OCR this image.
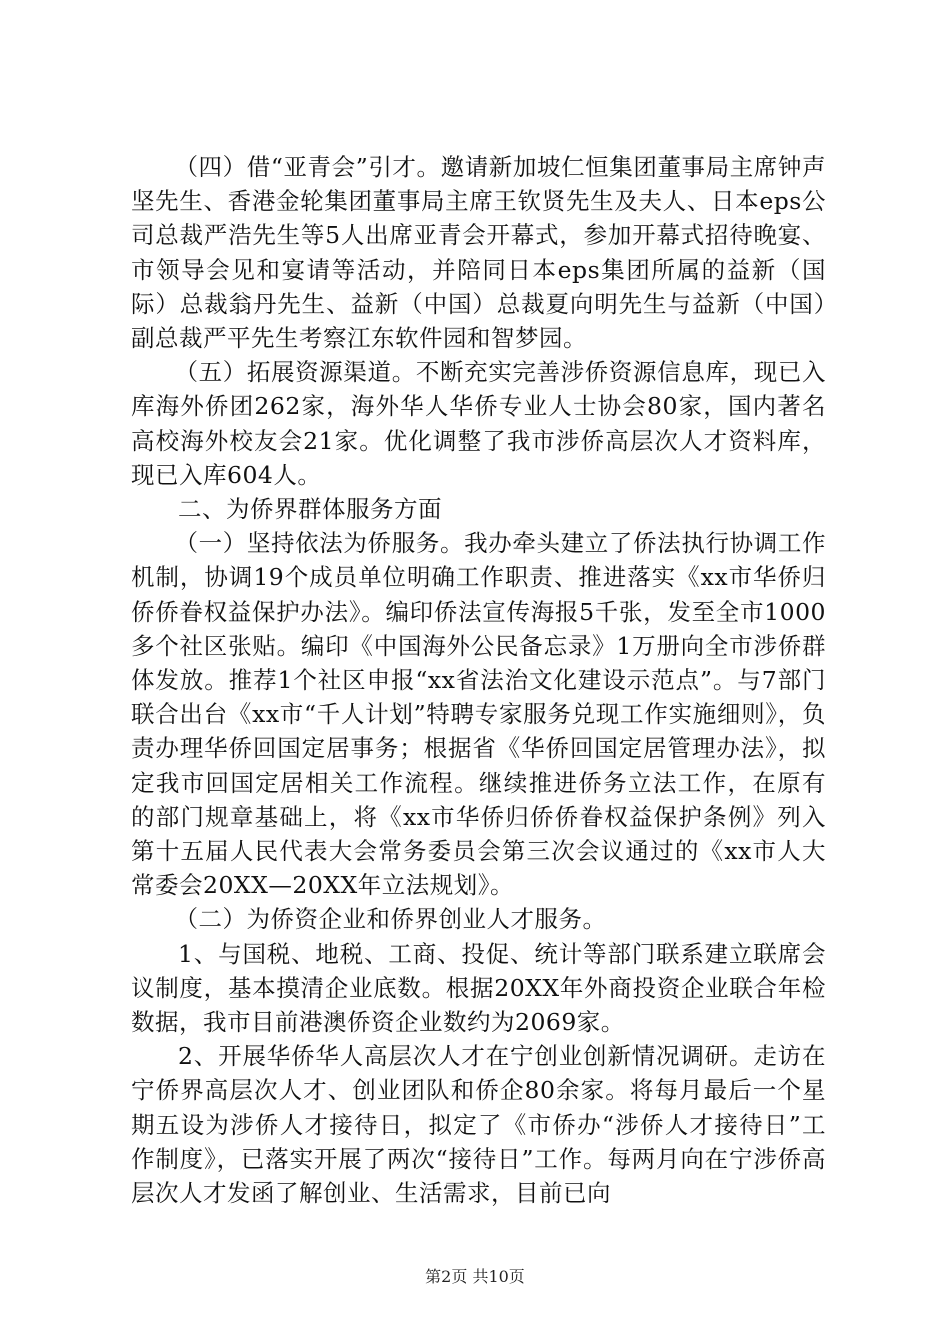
（四）借“亚青会”引才。邀请新加坡仁恒集团董事局主席钟声坚先生、香港金轮集团董事局主席王钦贤先生及夫人、日本eps公司总裁严浩先生等5人出席亚青会开幕式，参加开幕式招待晚宴、市领导会见和宴请等活动，并陪同日本eps集团所属的益新（国际）总裁翁丹先生、益新（中国）总裁夏向明先生与益新（中国）副总裁严平先生考察江东软件园和智梦园。

（五）拓展资源渠道。不断充实完善涉侨资源信息库，现已入库海外侨团262家，海外华人华侨专业人士协会80家，国内著名高校海外校友会21家。优化调整了我市涉侨高层次人才资料库，现已入库604人。

二、为侨界群体服务方面

（一）坚持依法为侨服务。我办牵头建立了侨法执行协调工作机制，协调19个成员单位明确工作职责、推进落实《xx市华侨归侨侨眷权益保护办法》。编印侨法宣传海报5千张，发至全市1000多个社区张贴。编印《中国海外公民备忘录》1万册向全市涉侨群体发放。推荐1个社区申报“xx省法治文化建设示范点”。与7部门联合出台《xx市“千人计划”特聘专家服务兑现工作实施细则》，负责办理华侨回国定居事务；根据省《华侨回国定居管理办法》，拟定我市回国定居相关工作流程。继续推进侨务立法工作，在原有的部门规章基础上，将《xx市华侨归侨侨眷权益保护条例》列入第十五届人民代表大会常务委员会第三次会议通过的《xx市人大常委会20XX—20XX年立法规划》。

（二）为侨资企业和侨界创业人才服务。

1、与国税、地税、工商、投促、统计等部门联系建立联席会议制度，基本摸清企业底数。根据20XX年外商投资企业联合年检数据，我市目前港澳侨资企业数约为2069家。

2、开展华侨华人高层次人才在宁创业创新情况调研。走访在宁侨界高层次人才、创业团队和侨企80余家。将每月最后一个星期五设为涉侨人才接待日，拟定了《市侨办“涉侨人才接待日”工作制度》，已落实开展了两次“接待日”工作。每两月向在宁涉侨高层次人才发函了解创业、生活需求，目前已向

第2页 共10页
